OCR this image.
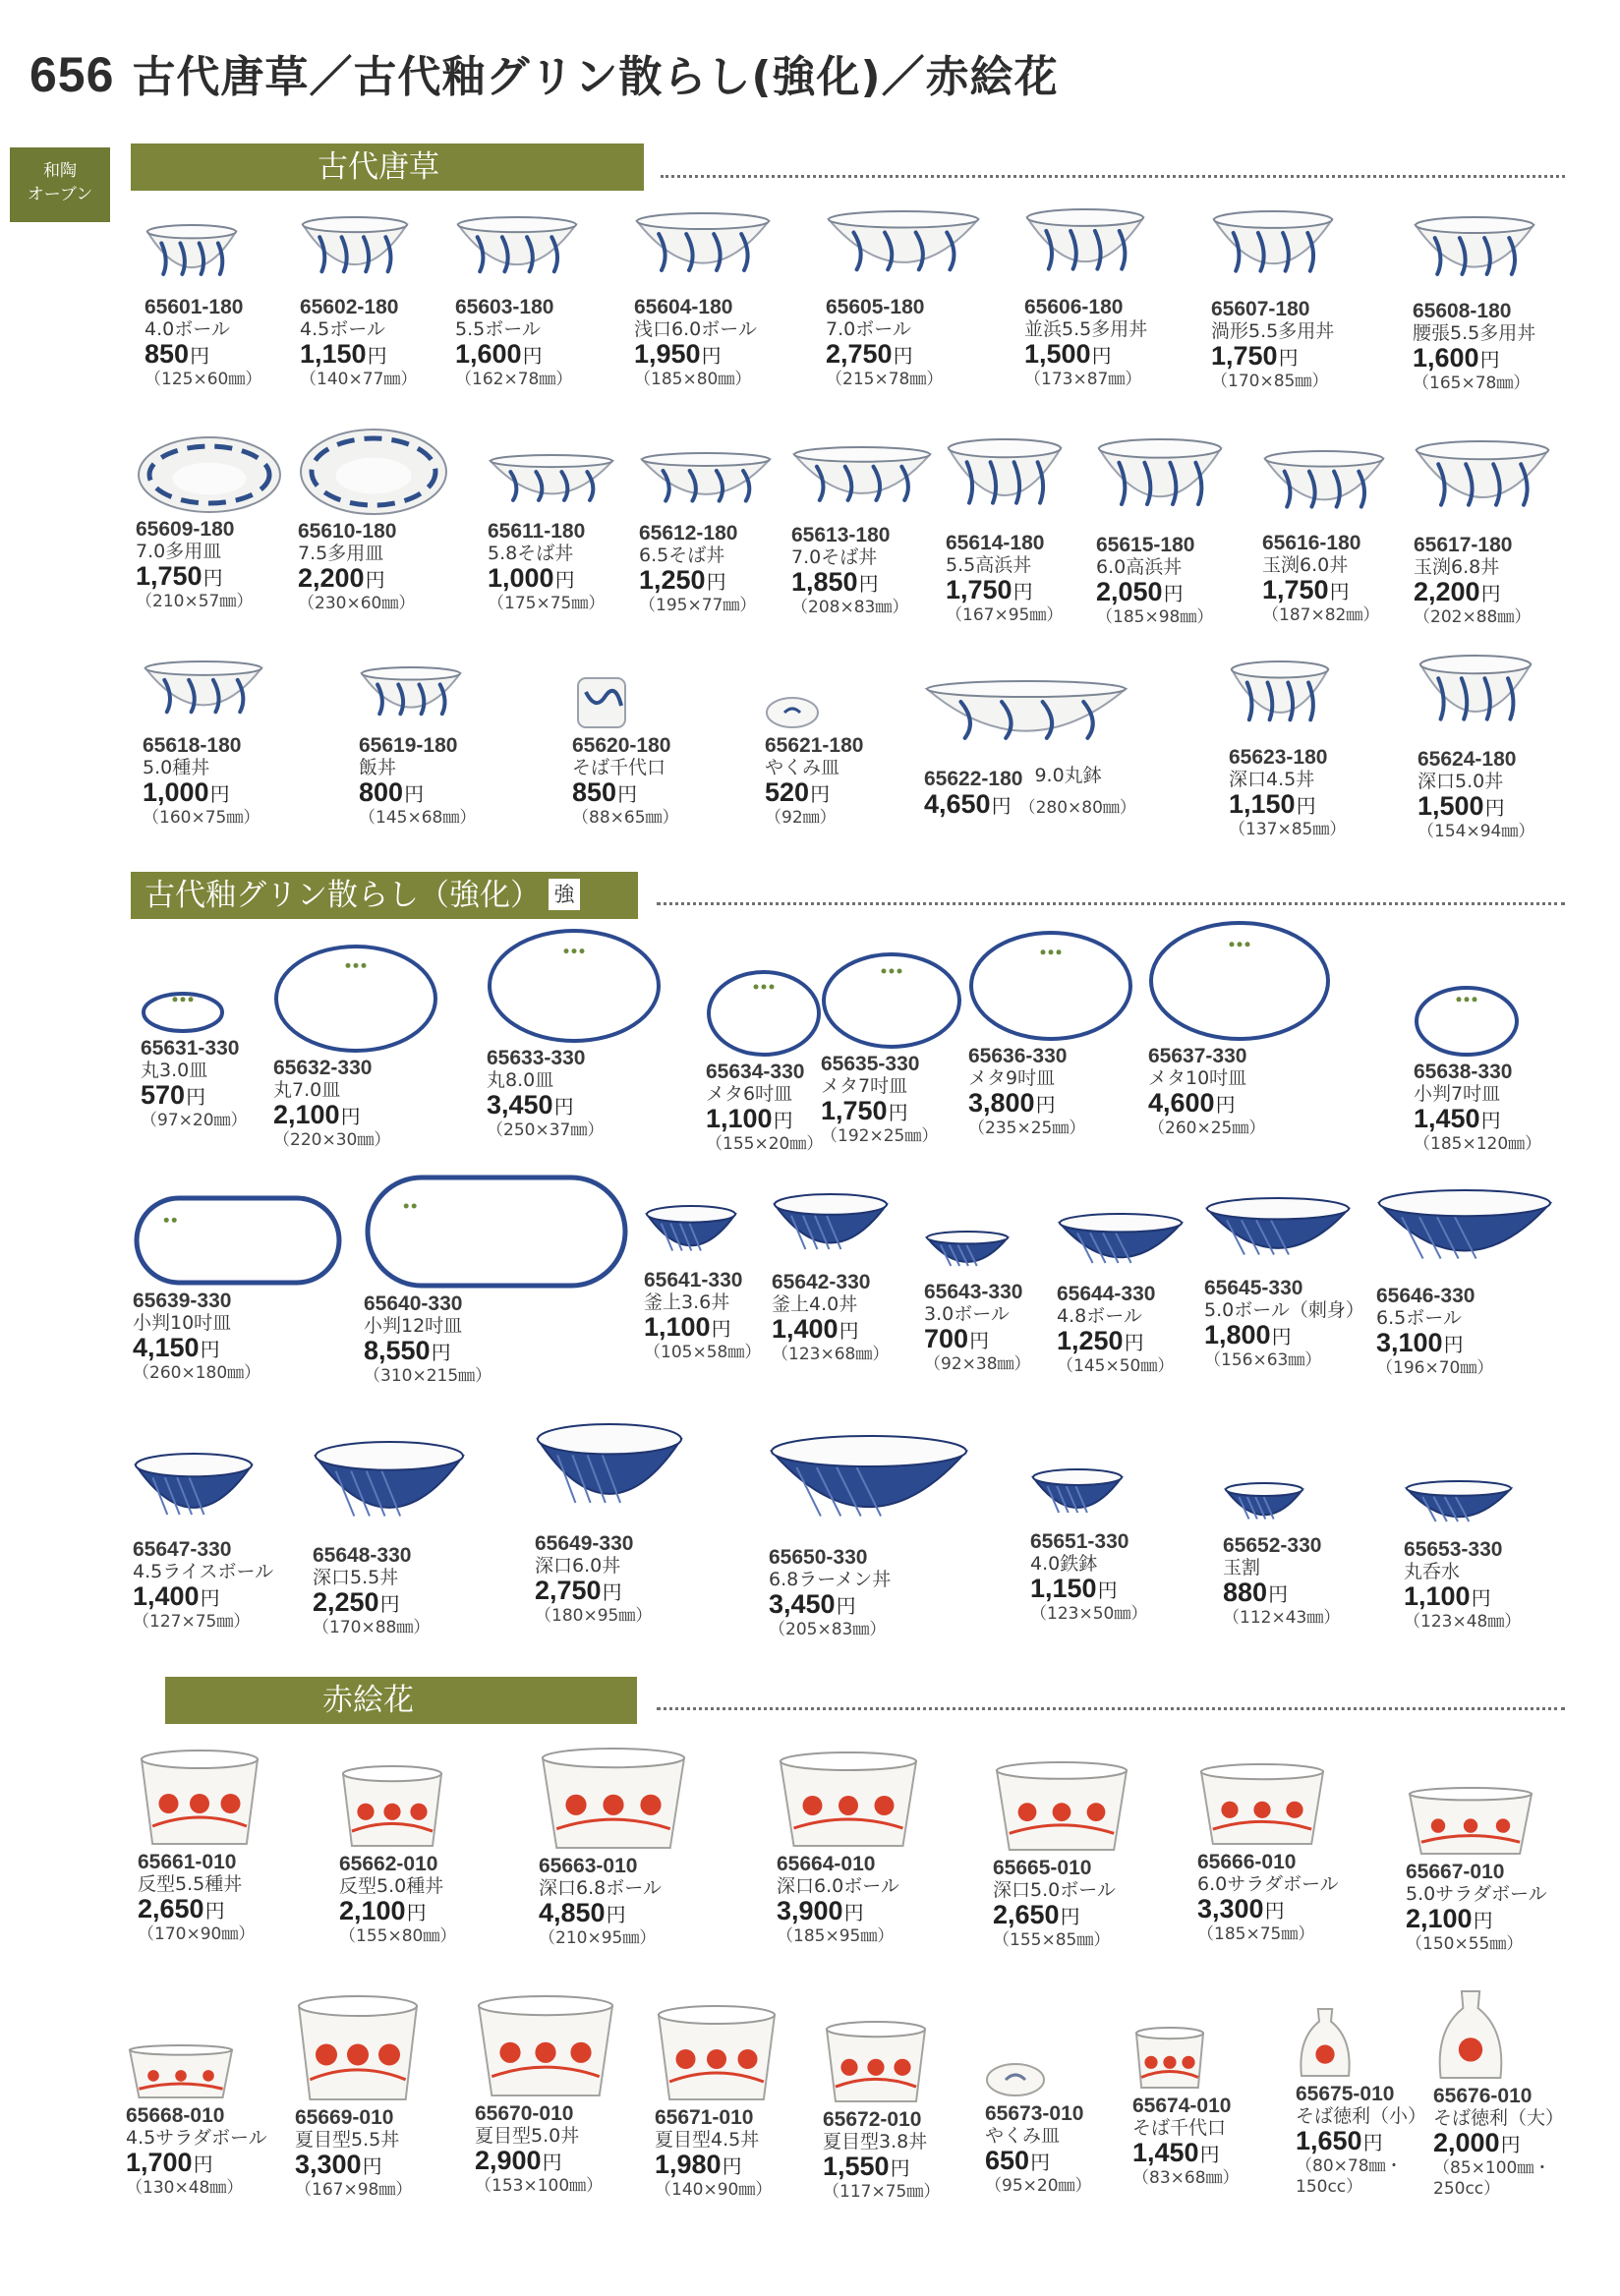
656 古代唐草／古代釉グリン散らし(強化)／赤絵花
和陶
オーブン
古代唐草
古代釉グリン散らし（強化） 強
赤絵花
65601-180
4.0ボール
850円
（125×60㎜）
65602-180
4.5ボール
1,150円
（140×77㎜）
65603-180
5.5ボール
1,600円
（162×78㎜）
65604-180
浅口6.0ボール
1,950円
（185×80㎜）
65605-180
7.0ボール
2,750円
（215×78㎜）
65606-180
並浜5.5多用丼
1,500円
（173×87㎜）
65607-180
渦形5.5多用丼
1,750円
（170×85㎜）
65608-180
腰張5.5多用丼
1,600円
（165×78㎜）
65609-180
7.0多用皿
1,750円
（210×57㎜）
65610-180
7.5多用皿
2,200円
（230×60㎜）
65611-180
5.8そば丼
1,000円
（175×75㎜）
65612-180
6.5そば丼
1,250円
（195×77㎜）
65613-180
7.0そば丼
1,850円
（208×83㎜）
65614-180
5.5高浜丼
1,750円
（167×95㎜）
65615-180
6.0高浜丼
2,050円
（185×98㎜）
65616-180
玉渕6.0丼
1,750円
（187×82㎜）
65617-180
玉渕6.8丼
2,200円
（202×88㎜）
65618-180
5.0種丼
1,000円
（160×75㎜）
65619-180
飯丼
800円
（145×68㎜）
65620-180
そば千代口
850円
（88×65㎜）
65621-180
やくみ皿
520円
（92㎜）
65622-180 9.0丸鉢
4,650円 （280×80㎜）
65623-180
深口4.5丼
1,150円
（137×85㎜）
65624-180
深口5.0丼
1,500円
（154×94㎜）
65631-330
丸3.0皿
570円
（97×20㎜）
65632-330
丸7.0皿
2,100円
（220×30㎜）
65633-330
丸8.0皿
3,450円
（250×37㎜）
65634-330
メタ6吋皿
1,100円
（155×20㎜）
65635-330
メタ7吋皿
1,750円
（192×25㎜）
65636-330
メタ9吋皿
3,800円
（235×25㎜）
65637-330
メタ10吋皿
4,600円
（260×25㎜）
65638-330
小判7吋皿
1,450円
（185×120㎜）
65639-330
小判10吋皿
4,150円
（260×180㎜）
65640-330
小判12吋皿
8,550円
（310×215㎜）
65641-330
釜上3.6丼
1,100円
（105×58㎜）
65642-330
釜上4.0丼
1,400円
（123×68㎜）
65643-330
3.0ボール
700円
（92×38㎜）
65644-330
4.8ボール
1,250円
（145×50㎜）
65645-330
5.0ボール（刺身）
1,800円
（156×63㎜）
65646-330
6.5ボール
3,100円
（196×70㎜）
65647-330
4.5ライスボール
1,400円
（127×75㎜）
65648-330
深口5.5丼
2,250円
（170×88㎜）
65649-330
深口6.0丼
2,750円
（180×95㎜）
65650-330
6.8ラーメン丼
3,450円
（205×83㎜）
65651-330
4.0鉄鉢
1,150円
（123×50㎜）
65652-330
玉割
880円
（112×43㎜）
65653-330
丸呑水
1,100円
（123×48㎜）
65661-010
反型5.5種丼
2,650円
（170×90㎜）
65662-010
反型5.0種丼
2,100円
（155×80㎜）
65663-010
深口6.8ボール
4,850円
（210×95㎜）
65664-010
深口6.0ボール
3,900円
（185×95㎜）
65665-010
深口5.0ボール
2,650円
（155×85㎜）
65666-010
6.0サラダボール
3,300円
（185×75㎜）
65667-010
5.0サラダボール
2,100円
（150×55㎜）
65668-010
4.5サラダボール
1,700円
（130×48㎜）
65669-010
夏目型5.5丼
3,300円
（167×98㎜）
65670-010
夏目型5.0丼
2,900円
（153×100㎜）
65671-010
夏目型4.5丼
1,980円
（140×90㎜）
65672-010
夏目型3.8丼
1,550円
（117×75㎜）
65673-010
やくみ皿
650円
（95×20㎜）
65674-010
そば千代口
1,450円
（83×68㎜）
65675-010
そば徳利（小）
1,650円
（80×78㎜・
150cc）
65676-010
そば徳利（大）
2,000円
（85×100㎜・
250cc）
